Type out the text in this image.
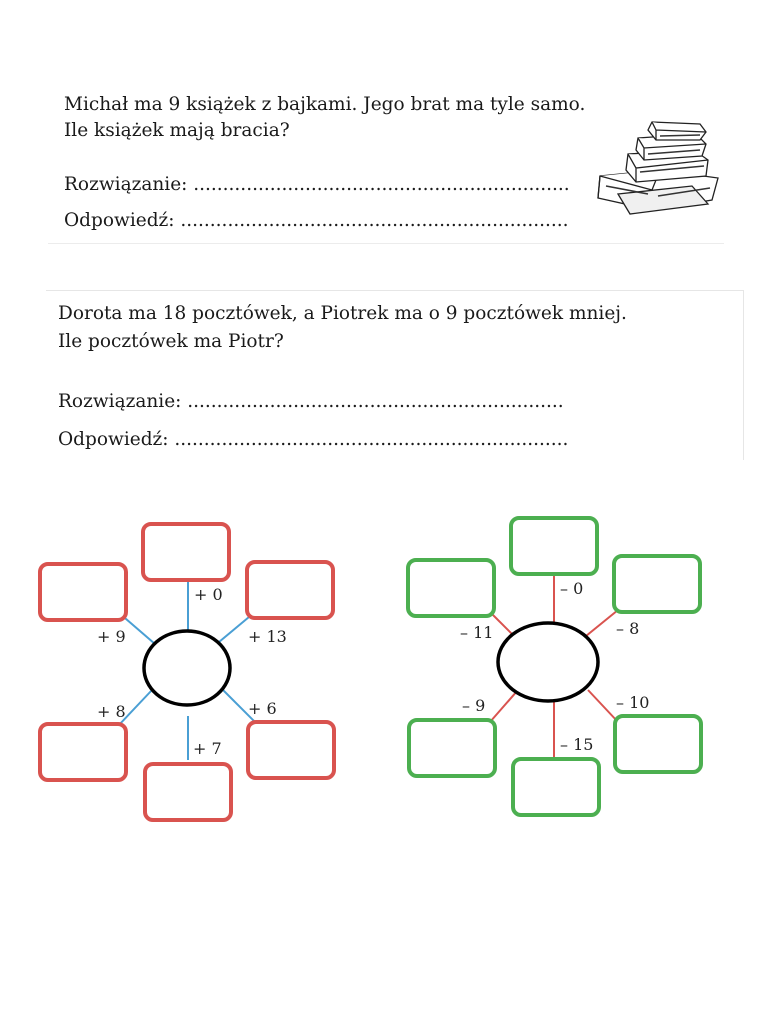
Michał ma 9 książek z bajkami. Jego brat ma tyle samo.
Ile książek mają bracia?
Rozwiązanie: ................................................................
Odpowiedź: ..................................................................
Dorota ma 18 pocztówek, a Piotrek ma o 9 pocztówek mniej.
Ile pocztówek ma Piotr?
Rozwiązanie: ................................................................
Odpowiedź: ...................................................................
+ 0
+ 13
+ 6
+ 7
+ 8
+ 9
– 0
– 8
– 10
– 15
– 9
– 11
